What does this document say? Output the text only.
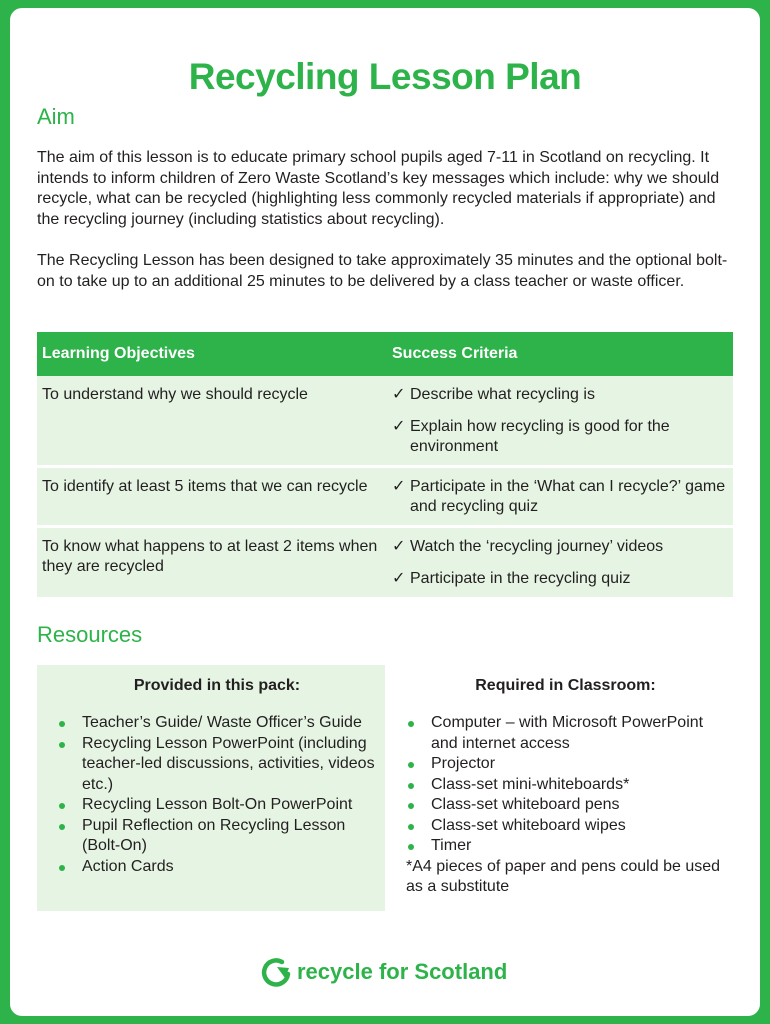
Recycling Lesson Plan
Aim

The aim of this lesson is to educate primary school pupils aged 7-11 in Scotland on recycling. It intends to inform children of Zero Waste Scotland’s key messages which include: why we should recycle, what can be recycled (highlighting less commonly recycled materials if appropriate) and the recycling journey (including statistics about recycling).

The Recycling Lesson has been designed to take approximately 35 minutes and the optional bolt-on to take up to an additional 25 minutes to be delivered by a class teacher or waste officer.

Learning Objectives	Success Criteria
To understand why we should recycle	✓ Describe what recycling is
✓ Explain how recycling is good for the environment

To identify at least 5 items that we can recycle	✓ Participate in the ‘What can I recycle?’ game and recycling quiz

To know what happens to at least 2 items when they are recycled	✓ Watch the ‘recycling journey’ videos
✓ Participate in the recycling quiz
Resources

Provided in this pack:

Teacher’s Guide/ Waste Officer’s Guide
Recycling Lesson PowerPoint (including teacher-led discussions, activities, videos etc.)
Recycling Lesson Bolt-On PowerPoint
Pupil Reflection on Recycling Lesson (Bolt-On)
Action Cards

Required in Classroom:

Computer – with Microsoft PowerPoint and internet access
Projector
Class-set mini-whiteboards*
Class-set whiteboard pens
Class-set whiteboard wipes
Timer

*A4 pieces of paper and pens could be used as a substitute

recycle for Scotland
